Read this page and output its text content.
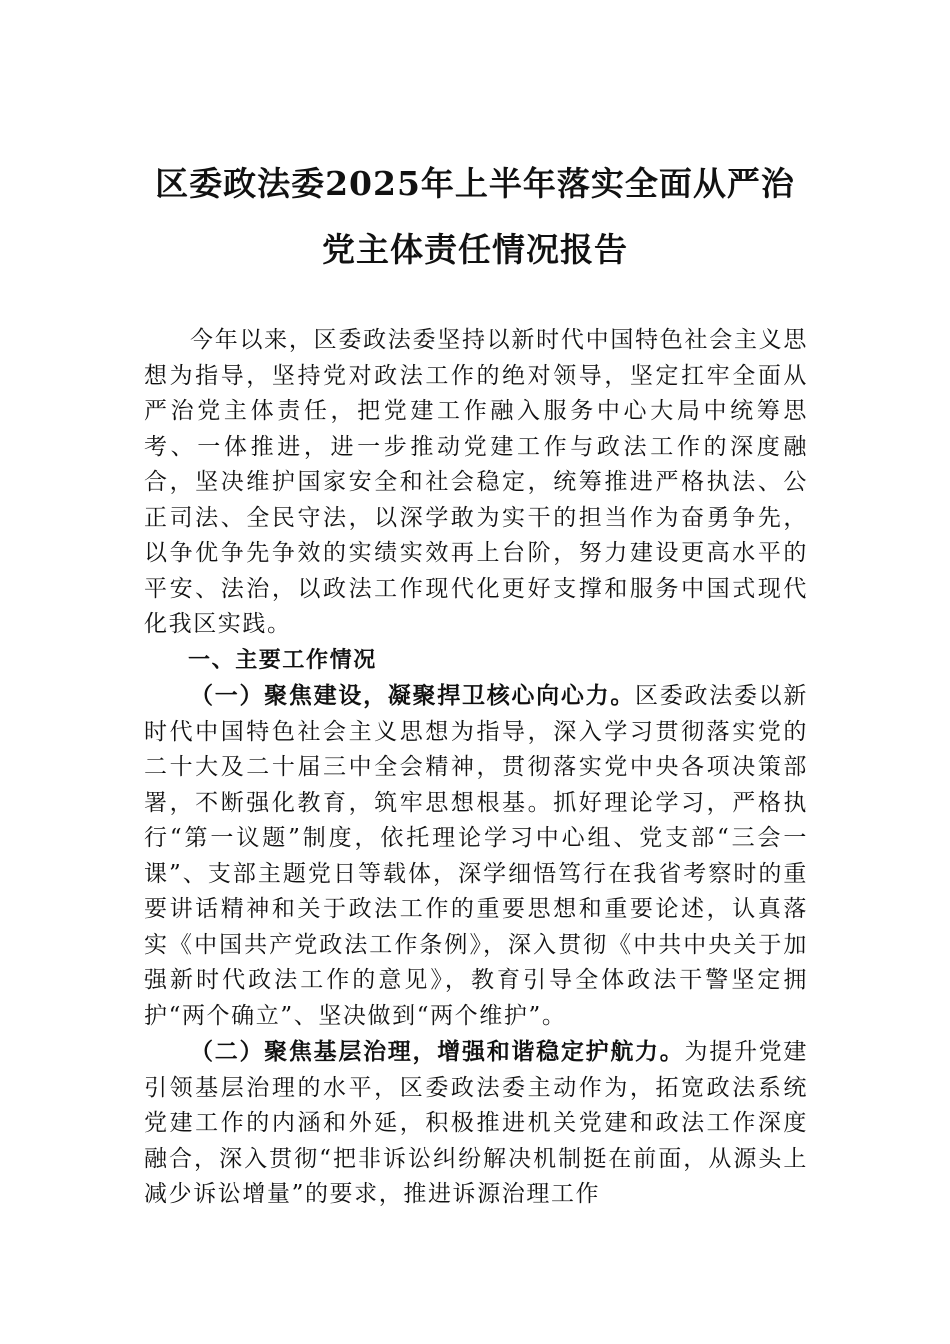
区委政法委2025年上半年落实全面从严治
党主体责任情况报告

今年以来，区委政法委坚持以新时代中国特色社会主义思想为指导，坚持党对政法工作的绝对领导，坚定扛牢全面从严治党主体责任，把党建工作融入服务中心大局中统筹思考、一体推进，进一步推动党建工作与政法工作的深度融合，坚决维护国家安全和社会稳定，统筹推进严格执法、公正司法、全民守法，以深学敢为实干的担当作为奋勇争先，以争优争先争效的实绩实效再上台阶，努力建设更高水平的平安、法治，以政法工作现代化更好支撑和服务中国式现代化我区实践。

一、主要工作情况

（一）聚焦建设，凝聚捍卫核心向心力。区委政法委以新时代中国特色社会主义思想为指导，深入学习贯彻落实党的二十大及二十届三中全会精神，贯彻落实党中央各项决策部署，不断强化教育，筑牢思想根基。抓好理论学习，严格执行“第一议题”制度，依托理论学习中心组、党支部“三会一课”、支部主题党日等载体，深学细悟笃行在我省考察时的重要讲话精神和关于政法工作的重要思想和重要论述，认真落实《中国共产党政法工作条例》，深入贯彻《中共中央关于加强新时代政法工作的意见》，教育引导全体政法干警坚定拥护“两个确立”、坚决做到“两个维护”。

（二）聚焦基层治理，增强和谐稳定护航力。为提升党建引领基层治理的水平，区委政法委主动作为，拓宽政法系统党建工作的内涵和外延，积极推进机关党建和政法工作深度融合，深入贯彻“把非诉讼纠纷解决机制挺在前面，从源头上减少诉讼增量”的要求，推进诉源治理工作
